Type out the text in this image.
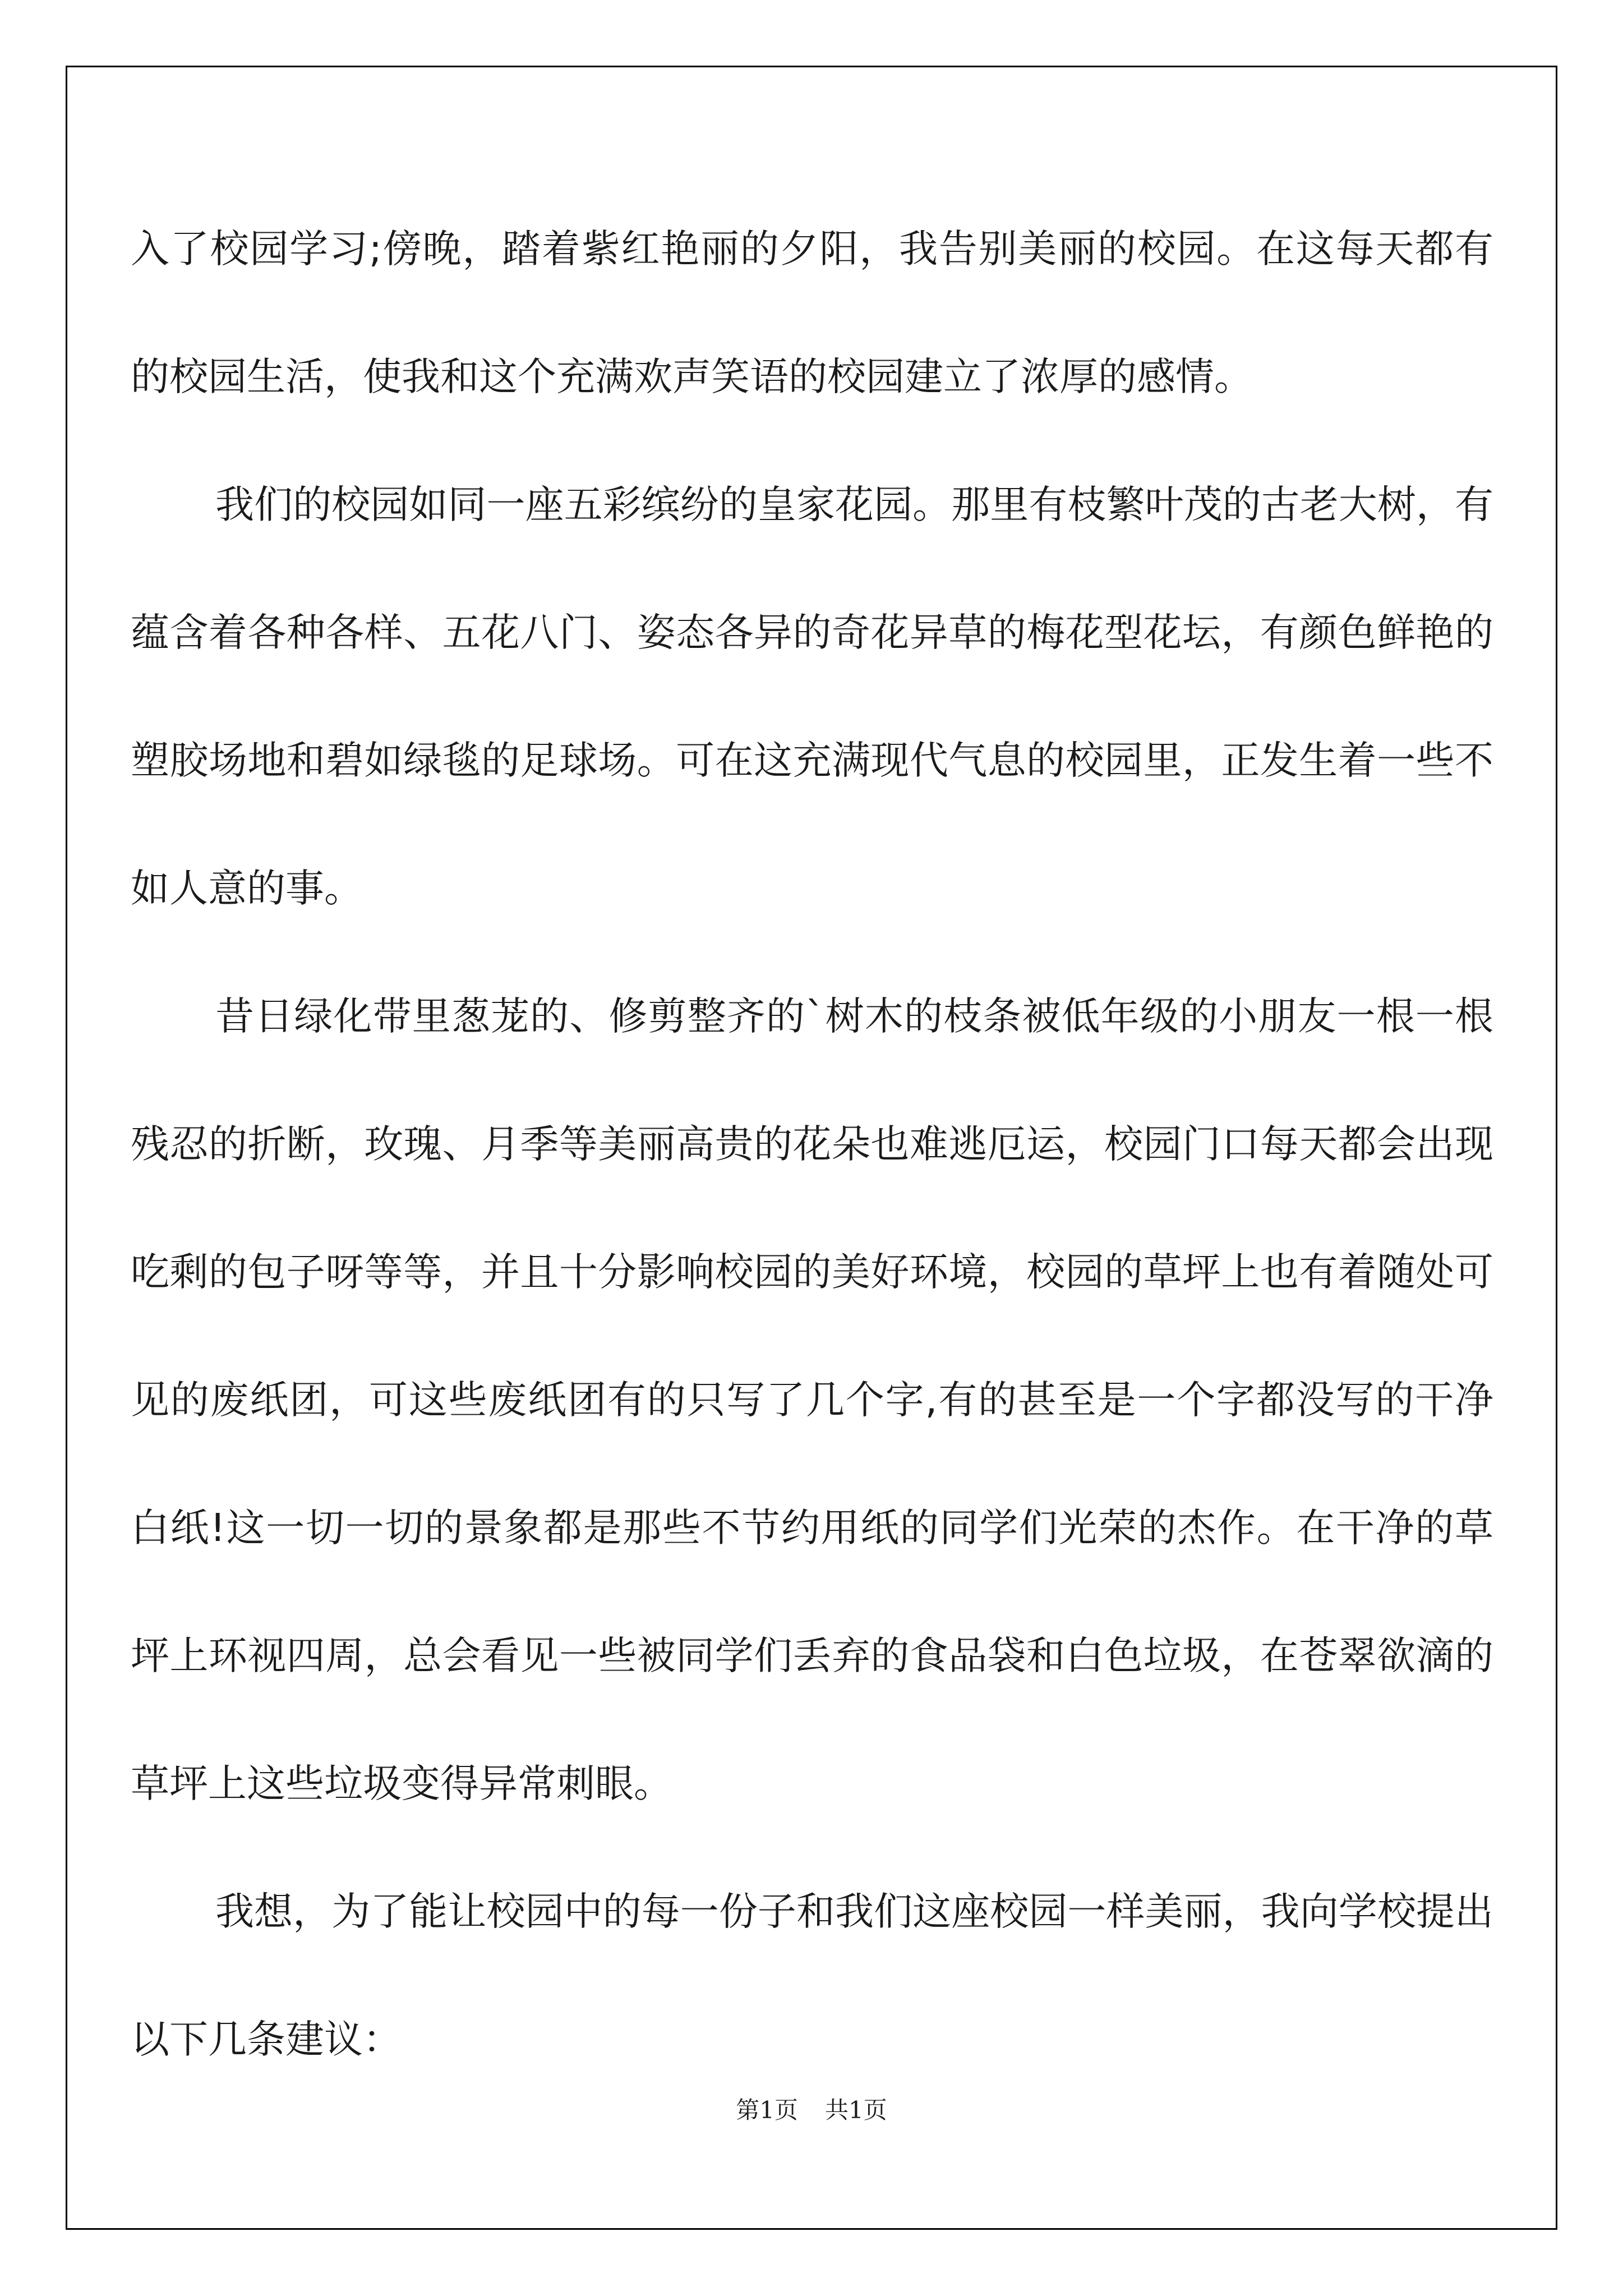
入了校园学习;傍晚，踏着紫红艳丽的夕阳，我告别美丽的校园。在这每天都有的校园生活，使我和这个充满欢声笑语的校园建立了浓厚的感情。

我们的校园如同一座五彩缤纷的皇家花园。那里有枝繁叶茂的古老大树，有蕴含着各种各样、五花八门、姿态各异的奇花异草的梅花型花坛，有颜色鲜艳的塑胶场地和碧如绿毯的足球场。可在这充满现代气息的校园里，正发生着一些不如人意的事。

昔日绿化带里葱茏的、修剪整齐的`树木的枝条被低年级的小朋友一根一根残忍的折断，玫瑰、月季等美丽高贵的花朵也难逃厄运，校园门口每天都会出现吃剩的包子呀等等，并且十分影响校园的美好环境，校园的草坪上也有着随处可见的废纸团，可这些废纸团有的只写了几个字,有的甚至是一个字都没写的干净白纸!这一切一切的景象都是那些不节约用纸的同学们光荣的杰作。在干净的草坪上环视四周，总会看见一些被同学们丢弃的食品袋和白色垃圾，在苍翠欲滴的草坪上这些垃圾变得异常刺眼。

我想，为了能让校园中的每一份子和我们这座校园一样美丽，我向学校提出以下几条建议：

第1页 共1页
